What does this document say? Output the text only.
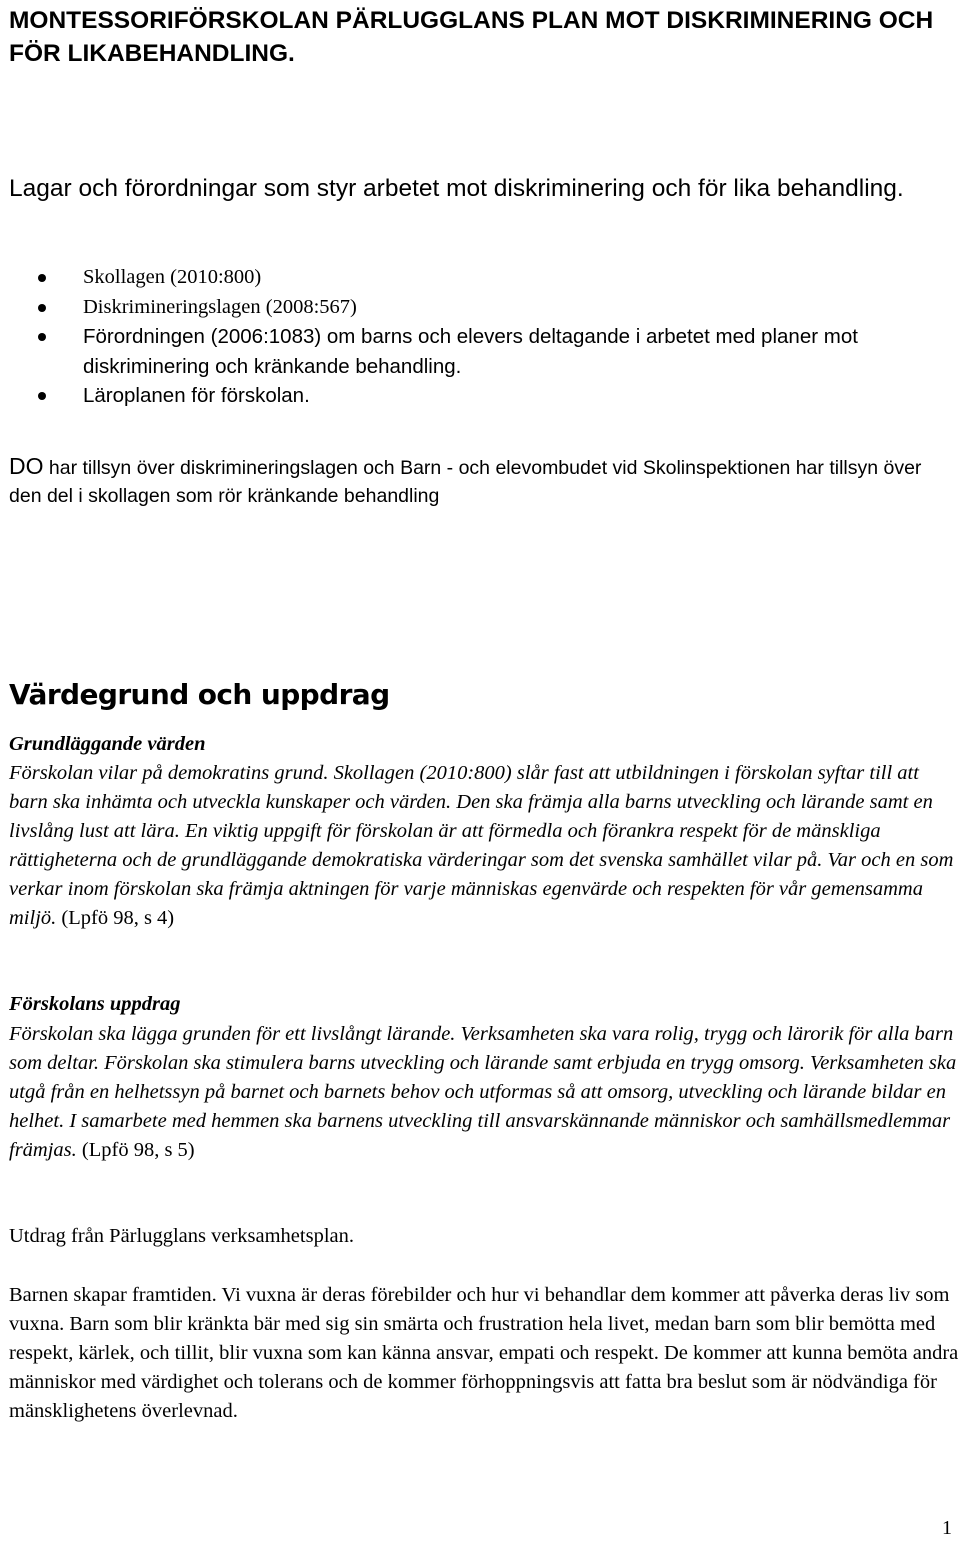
MONTESSORIFÖRSKOLAN PÄRLUGGLANS PLAN MOT DISKRIMINERING OCH FÖR LIKABEHANDLING.

Lagar och förordningar som styr arbetet mot diskriminering och för lika behandling.

Skollagen (2010:800)
Diskrimineringslagen (2008:567)
Förordningen (2006:1083) om barns och elevers deltagande i arbetet med planer mot diskriminering och kränkande behandling.
Läroplanen för förskolan.

DO har tillsyn över diskrimineringslagen och Barn - och elevombudet vid Skolinspektionen har tillsyn över den del i skollagen som rör kränkande behandling

Värdegrund och uppdrag
Grundläggande värden

Förskolan vilar på demokratins grund. Skollagen (2010:800) slår fast att utbildningen i förskolan syftar till att barn ska inhämta och utveckla kunskaper och värden. Den ska främja alla barns utveckling och lärande samt en livslång lust att lära. En viktig uppgift för förskolan är att förmedla och förankra respekt för de mänskliga rättigheterna och de grundläggande demokratiska värderingar som det svenska samhället vilar på. Var och en som verkar inom förskolan ska främja aktningen för varje människas egenvärde och respekten för vår gemensamma miljö. (Lpfö 98, s 4)

Förskolans uppdrag

Förskolan ska lägga grunden för ett livslångt lärande. Verksamheten ska vara rolig, trygg och lärorik för alla barn som deltar. Förskolan ska stimulera barns utveckling och lärande samt erbjuda en trygg omsorg. Verksamheten ska utgå från en helhetssyn på barnet och barnets behov och utformas så att omsorg, utveckling och lärande bildar en helhet. I samarbete med hemmen ska barnens utveckling till ansvarskännande människor och samhällsmedlemmar främjas. (Lpfö 98, s 5)

Utdrag från Pärlugglans verksamhetsplan.

Barnen skapar framtiden. Vi vuxna är deras förebilder och hur vi behandlar dem kommer att påverka deras liv som vuxna. Barn som blir kränkta bär med sig sin smärta och frustration hela livet, medan barn som blir bemötta med respekt, kärlek, och tillit, blir vuxna som kan känna ansvar, empati och respekt. De kommer att kunna bemöta andra människor med värdighet och tolerans och de kommer förhoppningsvis att fatta bra beslut som är nödvändiga för mänsklighetens överlevnad.

1
